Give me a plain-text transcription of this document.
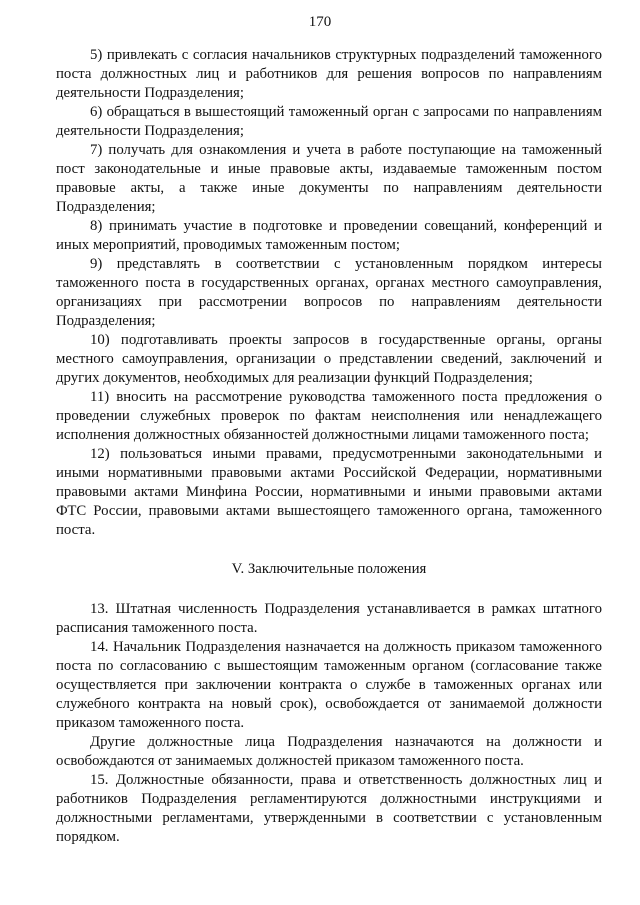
170

5) привлекать с согласия начальников структурных подразделений таможенного поста должностных лиц и работников для решения вопросов по направлениям деятельности Подразделения;

6) обращаться в вышестоящий таможенный орган с запросами по направлениям деятельности Подразделения;

7) получать для ознакомления и учета в работе поступающие на таможенный пост законодательные и иные правовые акты, издаваемые таможенным постом правовые акты, а также иные документы по направлениям деятельности Подразделения;

8) принимать участие в подготовке и проведении совещаний, конференций и иных мероприятий, проводимых таможенным постом;

9) представлять в соответствии с установленным порядком интересы таможенного поста в государственных органах, органах местного самоуправления, организациях при рассмотрении вопросов по направлениям деятельности Подразделения;

10) подготавливать проекты запросов в государственные органы, органы местного самоуправления, организации о представлении сведений, заключений и других документов, необходимых для реализации функций Подразделения;

11) вносить на рассмотрение руководства таможенного поста предложения о проведении служебных проверок по фактам неисполнения или ненадлежащего исполнения должностных обязанностей должностными лицами таможенного поста;

12) пользоваться иными правами, предусмотренными законодательными и иными нормативными правовыми актами Российской Федерации, нормативными правовыми актами Минфина России, нормативными и иными правовыми актами ФТС России, правовыми актами вышестоящего таможенного органа, таможенного поста.

V. Заключительные положения

13. Штатная численность Подразделения устанавливается в рамках штатного расписания таможенного поста.

14. Начальник Подразделения назначается на должность приказом таможенного поста по согласованию с вышестоящим таможенным органом (согласование также осуществляется при заключении контракта о службе в таможенных органах или служебного контракта на новый срок), освобождается от занимаемой должности приказом таможенного поста.

Другие должностные лица Подразделения назначаются на должности и освобождаются от занимаемых должностей приказом таможенного поста.

15. Должностные обязанности, права и ответственность должностных лиц и работников Подразделения регламентируются должностными инструкциями и должностными регламентами, утвержденными в соответствии с установленным порядком.
